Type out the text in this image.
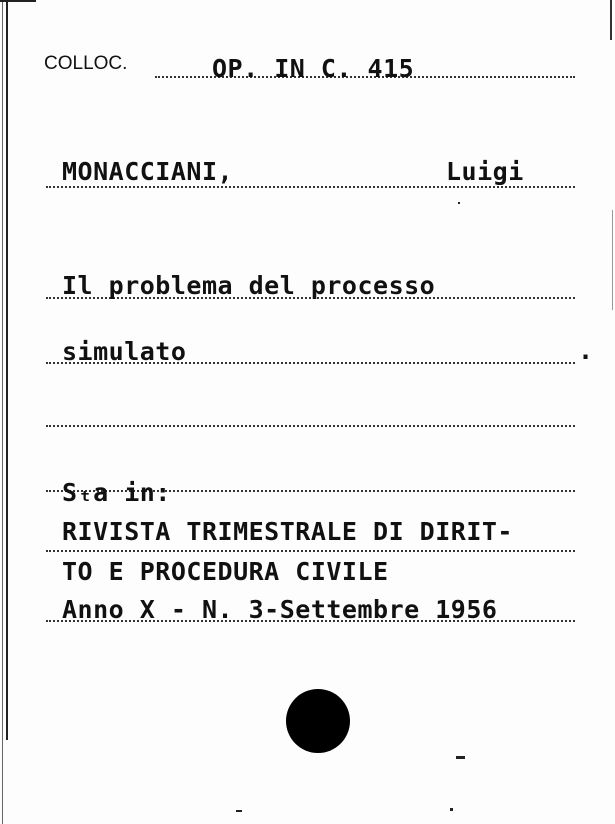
COLLOC.	OP. IN C. 415
MONACCIANI,	Luigi
Il problema del processo
simulato	.
Sₜa in:
RIVISTA TRIMESTRALE DI DIRIT-
TO E PROCEDURA CIVILE
Anno X - N. 3-Settembre 1956
